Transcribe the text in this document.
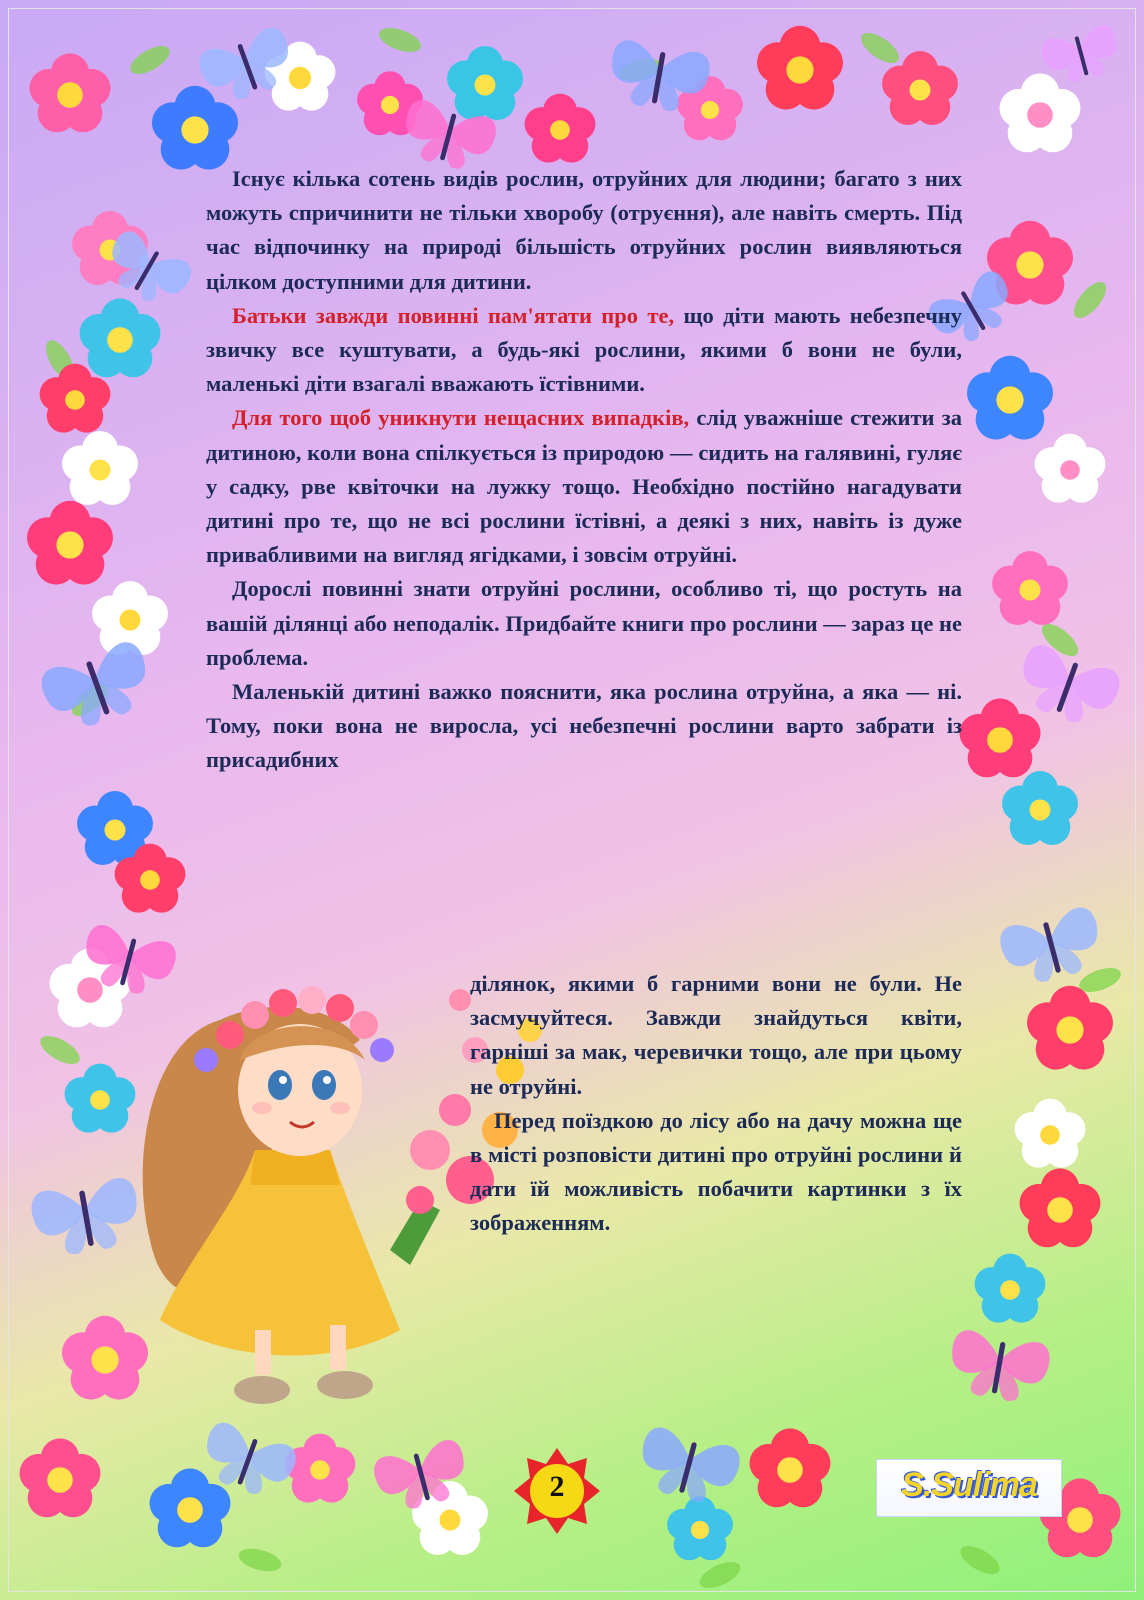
Існує кілька сотень видів рослин, отруйних для людини; багато з них можуть спричинити не тільки хворобу (отруєння), але навіть смерть. Під час відпочинку на природі більшість отруйних рослин виявляються цілком доступними для дитини.

Батьки завжди повинні пам'ятати про те, що діти мають небезпечну звичку все куштувати, а будь-які рослини, якими б вони не були, маленькі діти взагалі вважають їстівними.

Для того щоб уникнути нещасних випадків, слід уважніше стежити за дитиною, коли вона спілкується із природою — сидить на галявині, гуляє у садку, рве квіточки на лужку тощо. Необхідно постійно нагадувати дитині про те, що не всі рослини їстівні, а деякі з них, навіть із дуже привабливими на вигляд ягідками, і зовсім отруйні.

Дорослі повинні знати отруйні рослини, особливо ті, що ростуть на вашій ділянці або неподалік. Придбайте книги про рослини — зараз це не проблема.

Маленькій дитині важко пояснити, яка рослина отруйна, а яка — ні. Тому, поки вона не виросла, усі небезпечні рослини варто забрати із присадибних

ділянок, якими б гарними вони не були. Не засмучуйтеся. Завжди знайдуться квіти, гарніші за мак, черевички тощо, але при цьому не отруйні.

Перед поїздкою до лісу або на дачу можна ще в місті розповісти дитині про отруйні рослини й дати їй можливість побачити картинки з їх зображенням.

2	S.Sulima
